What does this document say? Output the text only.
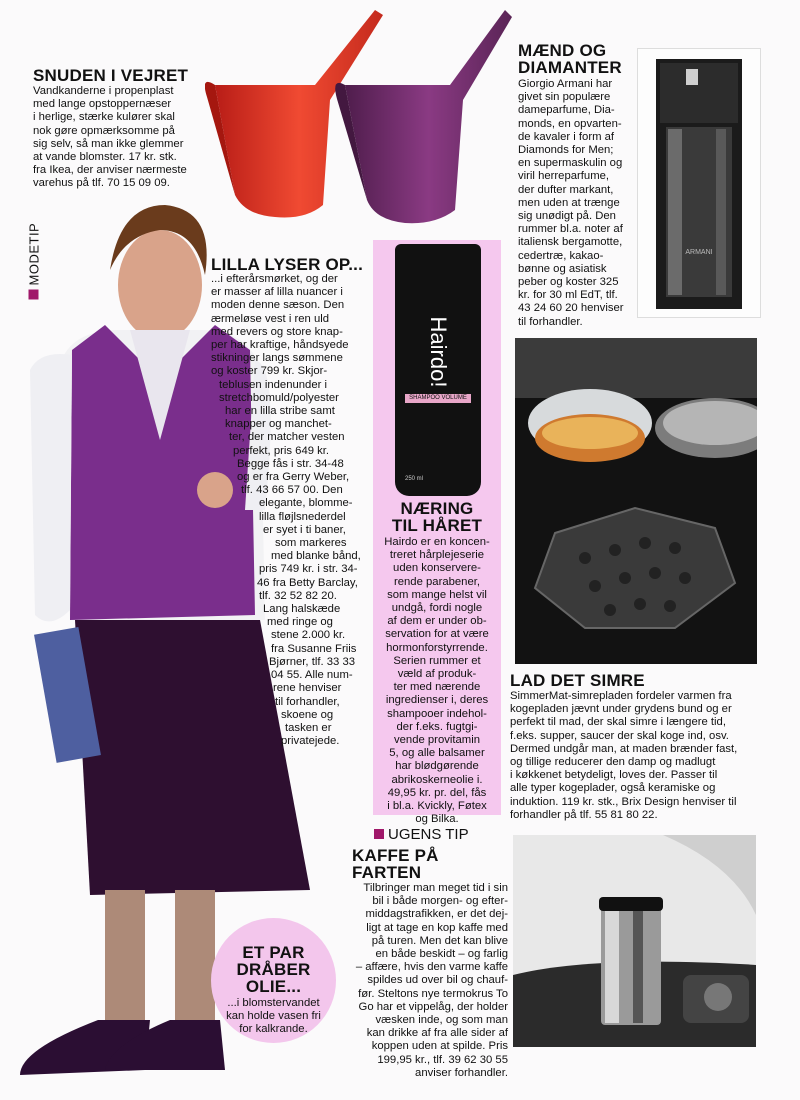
ARMANI
Hairdo!
SHAMPOO VOLUME
250 ml
SNUDEN I VEJRET
Vandkanderne i propenplast
med lange opstoppernæser
i herlige, stærke kulører skal
nok gøre opmærksomme på
sig selv, så man ikke glemmer
at vande blomster. 17 kr. stk.
fra Ikea, der anviser nærmeste
varehus på tlf. 70 15 09 09.
MODETIP	LILLA LYSER OP...
...i efterårsmørket, og der
er masser af lilla nuancer i
moden denne sæson. Den
ærmeløse vest i ren uld
med revers og store knap-
per har kraftige, håndsyede
stikninger langs sømmene
og koster 799 kr. Skjor-
teblusen indenunder i
stretchbomuld/polyester
har en lilla stribe samt
knapper og manchet-
ter, der matcher vesten
perfekt, pris 649 kr.
Begge fås i str. 34-48
og er fra Gerry Weber,
tlf. 43 66 57 00. Den
elegante, blomme-
lilla fløjlsnederdel
er syet i ti baner,
som markeres
med blanke bånd,
pris 749 kr. i str. 34-
46 fra Betty Barclay,
tlf. 32 52 82 20.
Lang halskæde
med ringe og
stene 2.000 kr.
fra Susanne Friis
Bjørner, tlf. 33 33
04 55. Alle num-
rene henviser
til forhandler,
skoene og
tasken er
privatejede.
NÆRING
TIL HÅRET
Hairdo er en koncen-
treret hårplejeserie
uden konservere-
rende parabener,
som mange helst vil
undgå, fordi nogle
af dem er under ob-
servation for at være
hormonforstyrrende.
Serien rummer et
væld af produk-
ter med nærende
ingredienser i, deres
shampooer indehol-
der f.eks. fugtgi-
vende provitamin
5, og alle balsamer
har blødgørende
abrikoskerneolie i.
49,95 kr. pr. del, fås
i bl.a. Kvickly, Føtex
og Bilka.
MÆND OG
DIAMANTER
Giorgio Armani har
givet sin populære
dameparfume, Dia-
monds, en opvarten-
de kavaler i form af
Diamonds for Men;
en supermaskulin og
viril herreparfume,
der dufter markant,
men uden at trænge
sig unødigt på. Den
rummer bl.a. noter af
italiensk bergamotte,
cedertræ, kakao-
bønne og asiatisk
peber og koster 325
kr. for 30 ml EdT, tlf.
43 24 60 20 henviser
til forhandler.
LAD DET SIMRE
SimmerMat-simrepladen fordeler varmen fra
kogepladen jævnt under grydens bund og er
perfekt til mad, der skal simre i længere tid,
f.eks. supper, saucer der skal koge ind, osv.
Dermed undgår man, at maden brænder fast,
og tillige reducerer den damp og madlugt
i køkkenet betydeligt, loves der. Passer til
alle typer kogeplader, også keramiske og
induktion. 119 kr. stk., Brix Design henviser til
forhandler på tlf. 55 81 80 22.
UGENS TIP
KAFFE PÅ FARTEN
Tilbringer man meget tid i sin
bil i både morgen- og efter-
middagstrafikken, er det dej-
ligt at tage en kop kaffe med
på turen. Men det kan blive
en både beskidt – og farlig
– affære, hvis den varme kaffe
spildes ud over bil og chauf-
før. Steltons nye termokrus To
Go har et vippelåg, der holder
væsken inde, og som man
kan drikke af fra alle sider af
koppen uden at spilde. Pris
199,95 kr., tlf. 39 62 30 55
anviser forhandler.
ET PAR
DRÅBER
OLIE...
...i blomstervandet
kan holde vasen fri
for kalkrande.
